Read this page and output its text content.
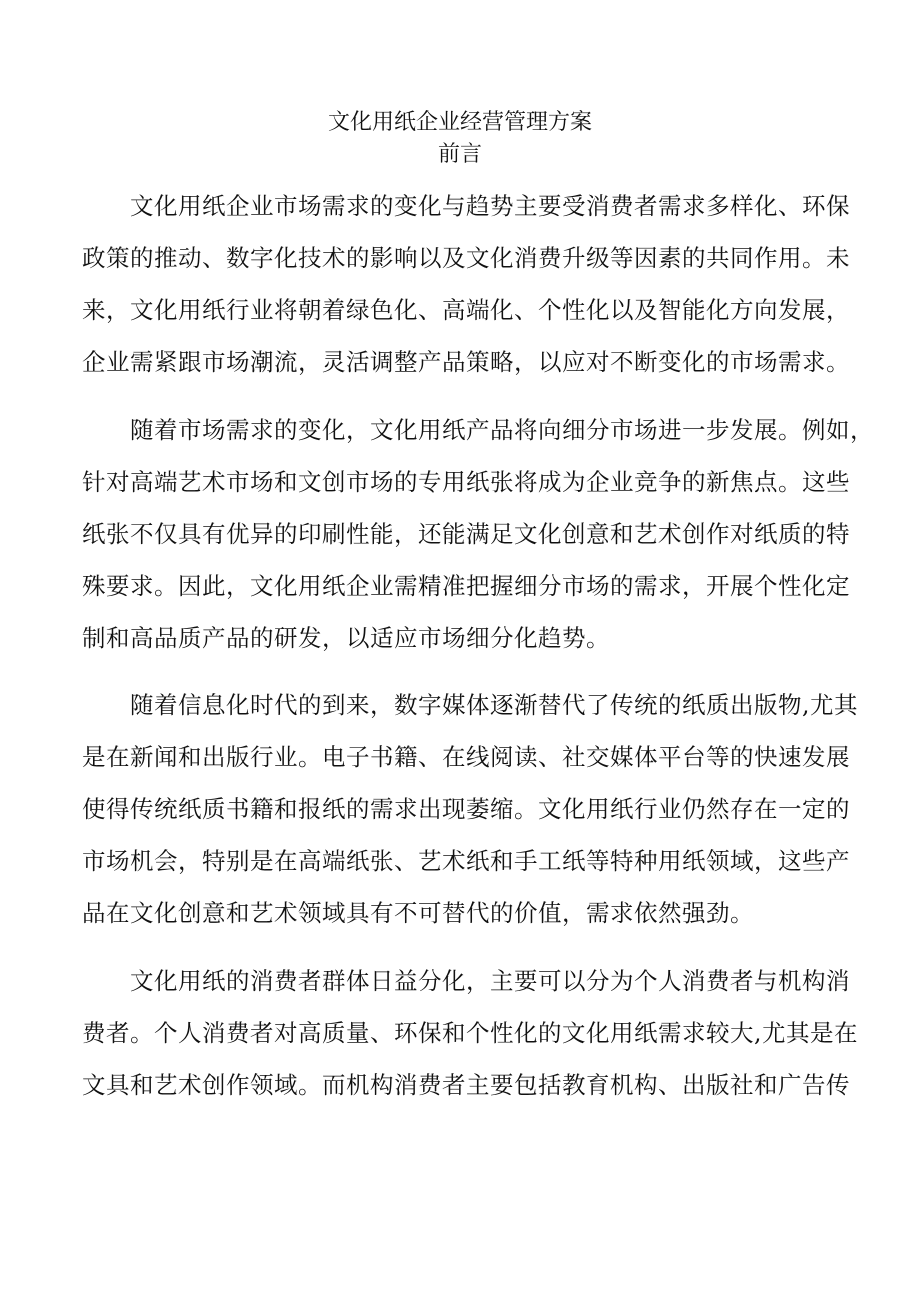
文化用纸企业经营管理方案
前言
文化用纸企业市场需求的变化与趋势主要受消费者需求多样化、环保
政策的推动、数字化技术的影响以及文化消费升级等因素的共同作用。未
来，文化用纸行业将朝着绿色化、高端化、个性化以及智能化方向发展，
企业需紧跟市场潮流，灵活调整产品策略，以应对不断变化的市场需求。
随着市场需求的变化，文化用纸产品将向细分市场进一步发展。例如，
针对高端艺术市场和文创市场的专用纸张将成为企业竞争的新焦点。这些
纸张不仅具有优异的印刷性能，还能满足文化创意和艺术创作对纸质的特
殊要求。因此，文化用纸企业需精准把握细分市场的需求，开展个性化定
制和高品质产品的研发，以适应市场细分化趋势。
随着信息化时代的到来，数字媒体逐渐替代了传统的纸质出版物,尤其
是在新闻和出版行业。电子书籍、在线阅读、社交媒体平台等的快速发展
使得传统纸质书籍和报纸的需求出现萎缩。文化用纸行业仍然存在一定的
市场机会，特别是在高端纸张、艺术纸和手工纸等特种用纸领域，这些产
品在文化创意和艺术领域具有不可替代的价值，需求依然强劲。
文化用纸的消费者群体日益分化，主要可以分为个人消费者与机构消
费者。个人消费者对高质量、环保和个性化的文化用纸需求较大,尤其是在
文具和艺术创作领域。而机构消费者主要包括教育机构、出版社和广告传
